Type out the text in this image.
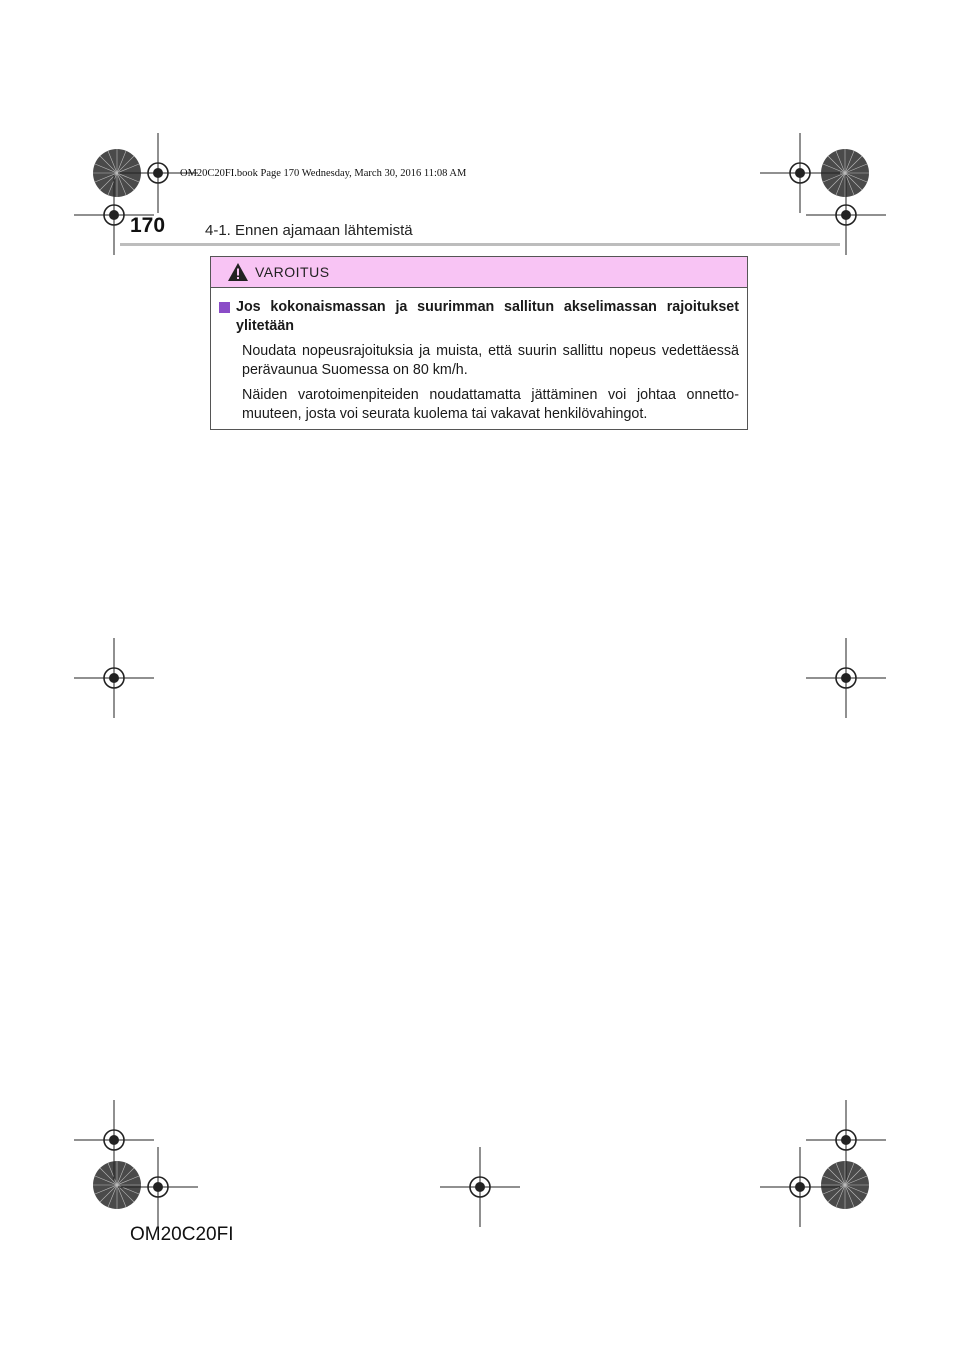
OM20C20FI.book Page 170 Wednesday, March 30, 2016 11:08 AM
170	4-1. Ennen ajamaan lähtemistä
VAROITUS
Jos kokonaismassan ja suurimman sallitun akselimassan rajoitukset ylitetään
Noudata nopeusrajoituksia ja muista, että suurin sallittu nopeus vedettäessä perävaunua Suomessa on 80 km/h.
Näiden varotoimenpiteiden noudattamatta jättäminen voi johtaa onnetto-muuteen, josta voi seurata kuolema tai vakavat henkilövahingot.
OM20C20FI
